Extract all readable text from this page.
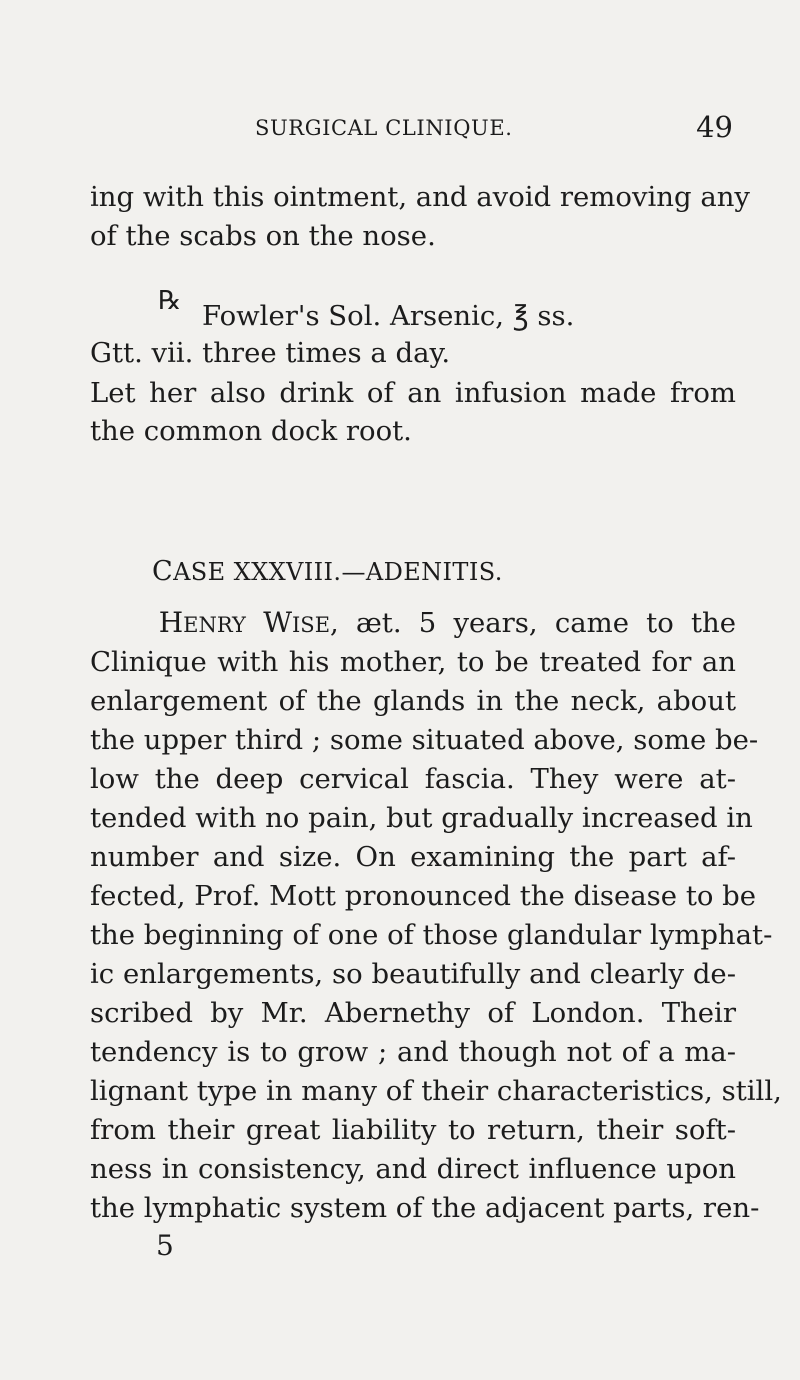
SURGICAL CLINIQUE.	49
ing with this ointment, and avoid removing any
of the scabs on the nose.
℞ Fowler's Sol. Arsenic, ℥ ss.
Gtt. vii. three times a day.
Let her also drink of an infusion made from
the common dock root.
CASE XXXVIII.—ADENITIS.
HENRY WISE, æt. 5 years, came to the
Clinique with his mother, to be treated for an
enlargement of the glands in the neck, about
the upper third ; some situated above, some be-
low the deep cervical fascia. They were at-
tended with no pain, but gradually increased in
number and size. On examining the part af-
fected, Prof. Mott pronounced the disease to be
the beginning of one of those glandular lymphat-
ic enlargements, so beautifully and clearly de-
scribed by Mr. Abernethy of London. Their
tendency is to grow ; and though not of a ma-
lignant type in many of their characteristics, still,
from their great liability to return, their soft-
ness in consistency, and direct influence upon
the lymphatic system of the adjacent parts, ren-
5
